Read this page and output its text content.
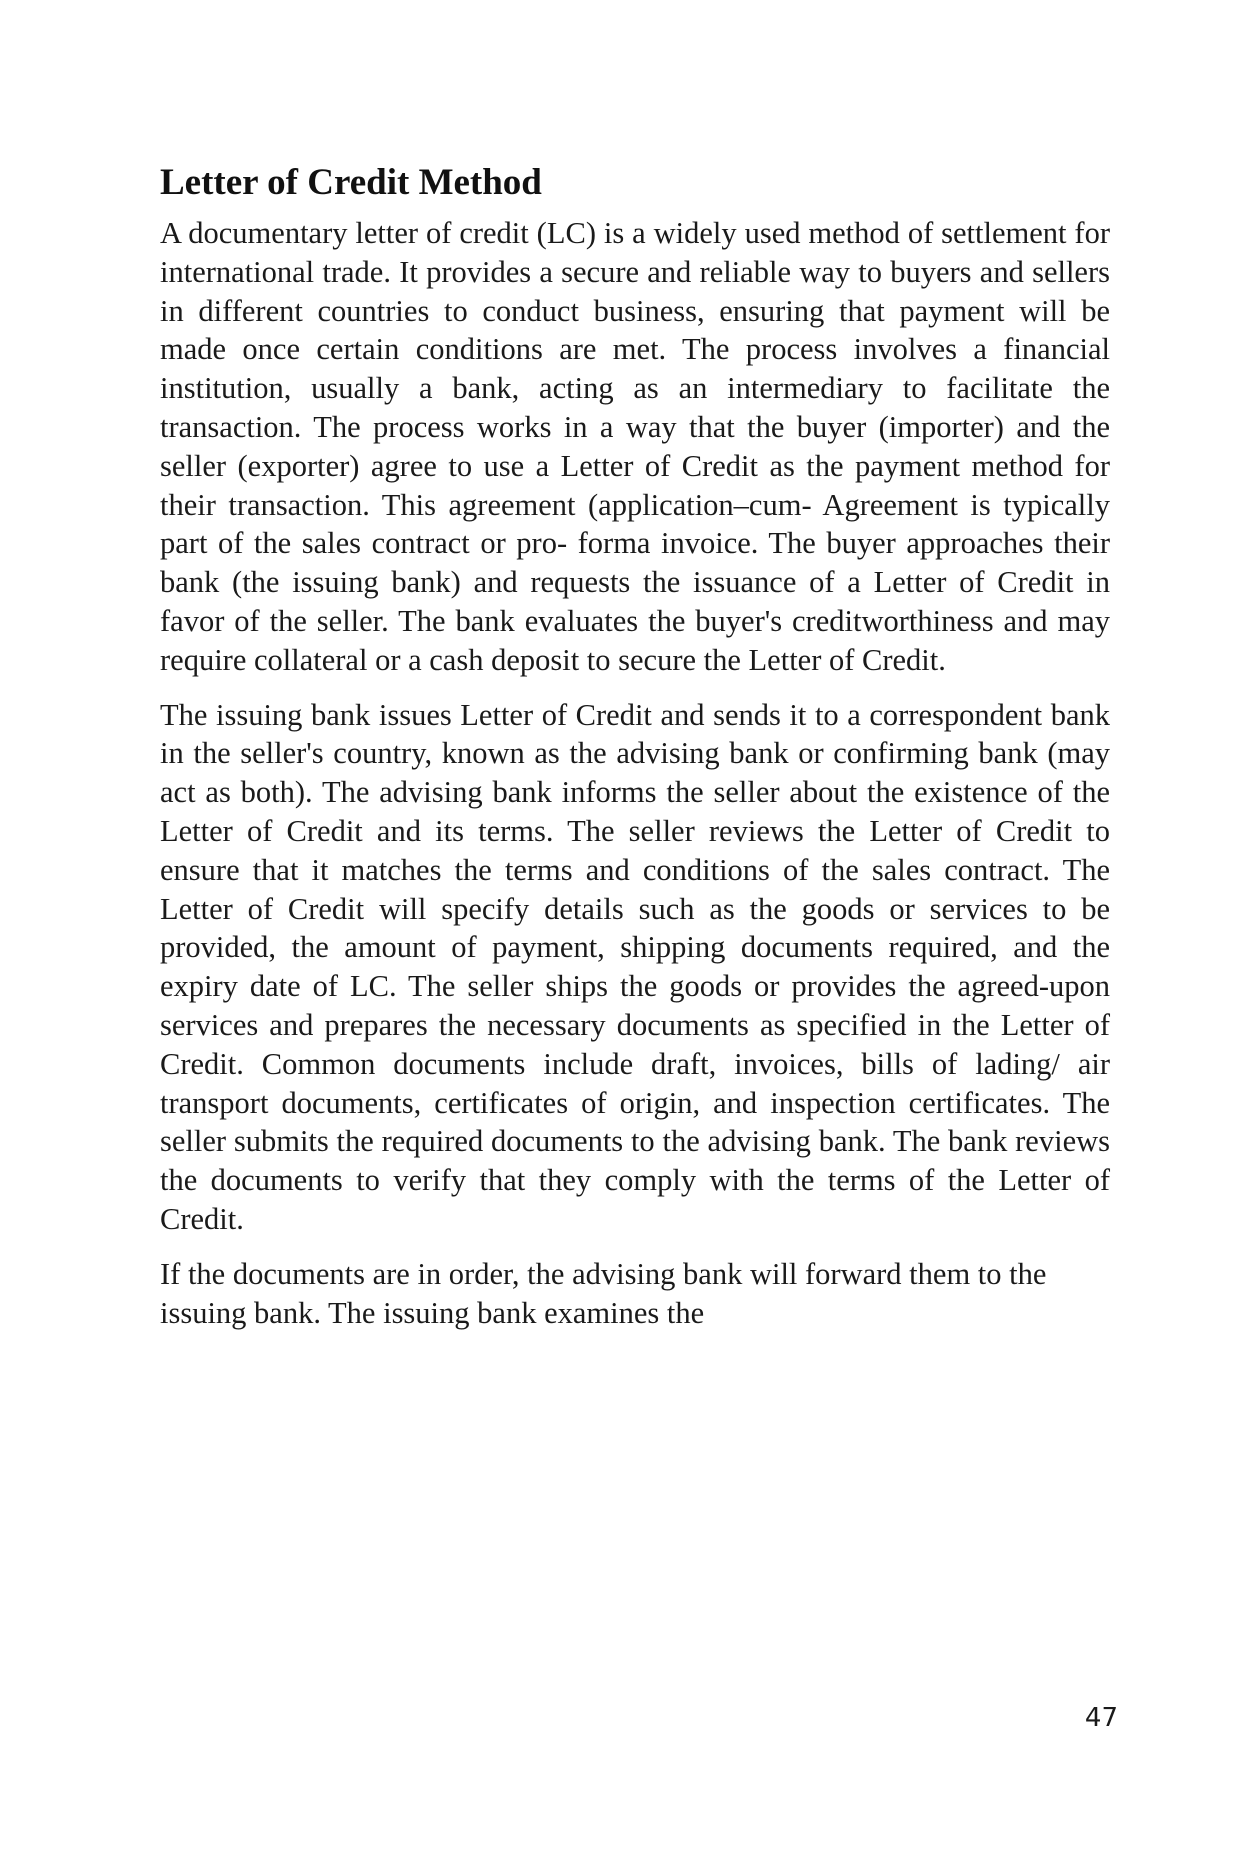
Letter of Credit Method

A documentary letter of credit (LC) is a widely used method of settlement for international trade. It provides a secure and reliable way to buyers and sellers in different countries to conduct business, ensuring that payment will be made once certain conditions are met. The process involves a financial institution, usually a bank, acting as an intermediary to facilitate the transaction. The process works in a way that the buyer (importer) and the seller (exporter) agree to use a Letter of Credit as the payment method for their transaction. This agreement (application–cum- Agreement is typically part of the sales contract or pro- forma invoice. The buyer approaches their bank (the issuing bank) and requests the issuance of a Letter of Credit in favor of the seller. The bank evaluates the buyer's creditworthiness and may require collateral or a cash deposit to secure the Letter of Credit.

The issuing bank issues Letter of Credit and sends it to a correspondent bank in the seller's country, known as the advising bank or confirming bank (may act as both). The advising bank informs the seller about the existence of the Letter of Credit and its terms. The seller reviews the Letter of Credit to ensure that it matches the terms and conditions of the sales contract. The Letter of Credit will specify details such as the goods or services to be provided, the amount of payment, shipping documents required, and the expiry date of LC. The seller ships the goods or provides the agreed-upon services and prepares the necessary documents as specified in the Letter of Credit. Common documents include draft, invoices, bills of lading/ air transport documents, certificates of origin, and inspection certificates. The seller submits the required documents to the advising bank. The bank reviews the documents to verify that they comply with the terms of the Letter of Credit.

If the documents are in order, the advising bank will forward them to the issuing bank. The issuing bank examines the

47
